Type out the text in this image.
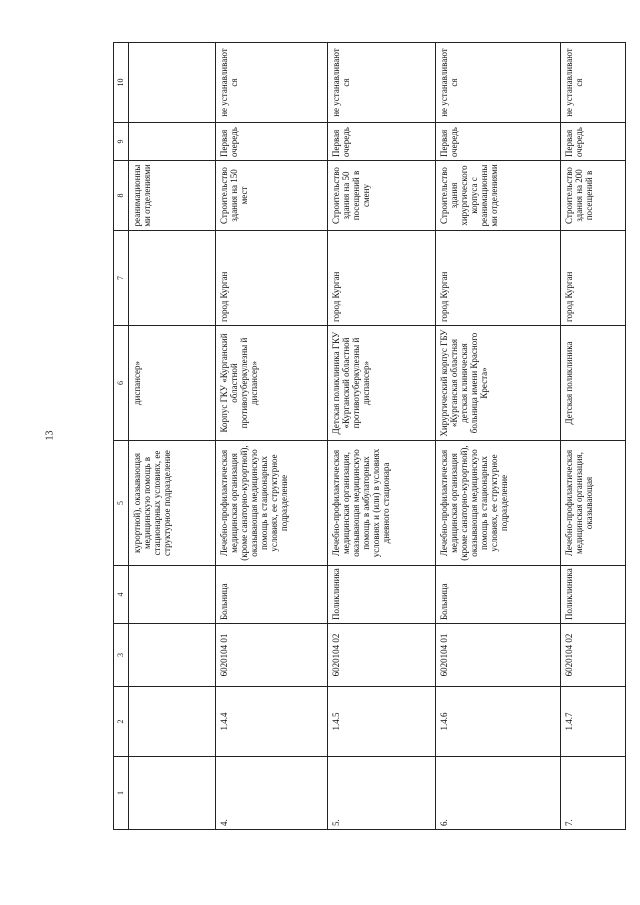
13
1	2	3	4	5	6	7	8	9	10
				курортной), оказывающая медицинскую помощь в стационарных условиях, ее структурное подразделение	диспансер»		реанимационны ми отделениями		
4.	1.4.4	6020104 01	Больница	Лечебно-профилактическая медицинская организация (кроме санаторно-курортной), оказывающая медицинскую помощь в стационарных условиях, ее структурное подразделение	Корпус ГКУ «Курганский областной противотуберкулезны й диспансер»	город Курган	Строительство здания на 150 мест	Первая очередь	не устанавливают ся
5.	1.4.5	6020104 02	Поликлиника	Лечебно-профилактическая медицинская организация, оказывающая медицинскую помощь в амбулаторных условиях и (или) в условиях дневного стационара	Детская поликлиника ГКУ «Курганский областной противотуберкулезны й диспансер»	город Курган	Строительство здания на 50 посещений в смену	Первая очередь	не устанавливают ся
6.	1.4.6	6020104 01	Больница	Лечебно-профилактическая медицинская организация (кроме санаторно-курортной), оказывающая медицинскую помощь в стационарных условиях, ее структурное подразделение	Хирургический корпус ГБУ «Курганская областная детская клиническая больница имени Красного Креста»	город Курган	Строительство здания хирургического корпуса с реанимационны ми отделениями	Первая очередь	не устанавливают ся
7.	1.4.7	6020104 02	Поликлиника	Лечебно-профилактическая медицинская организация, оказывающая	Детская поликлиника	город Курган	Строительство здания на 200 посещений в	Первая очередь	не устанавливают ся
